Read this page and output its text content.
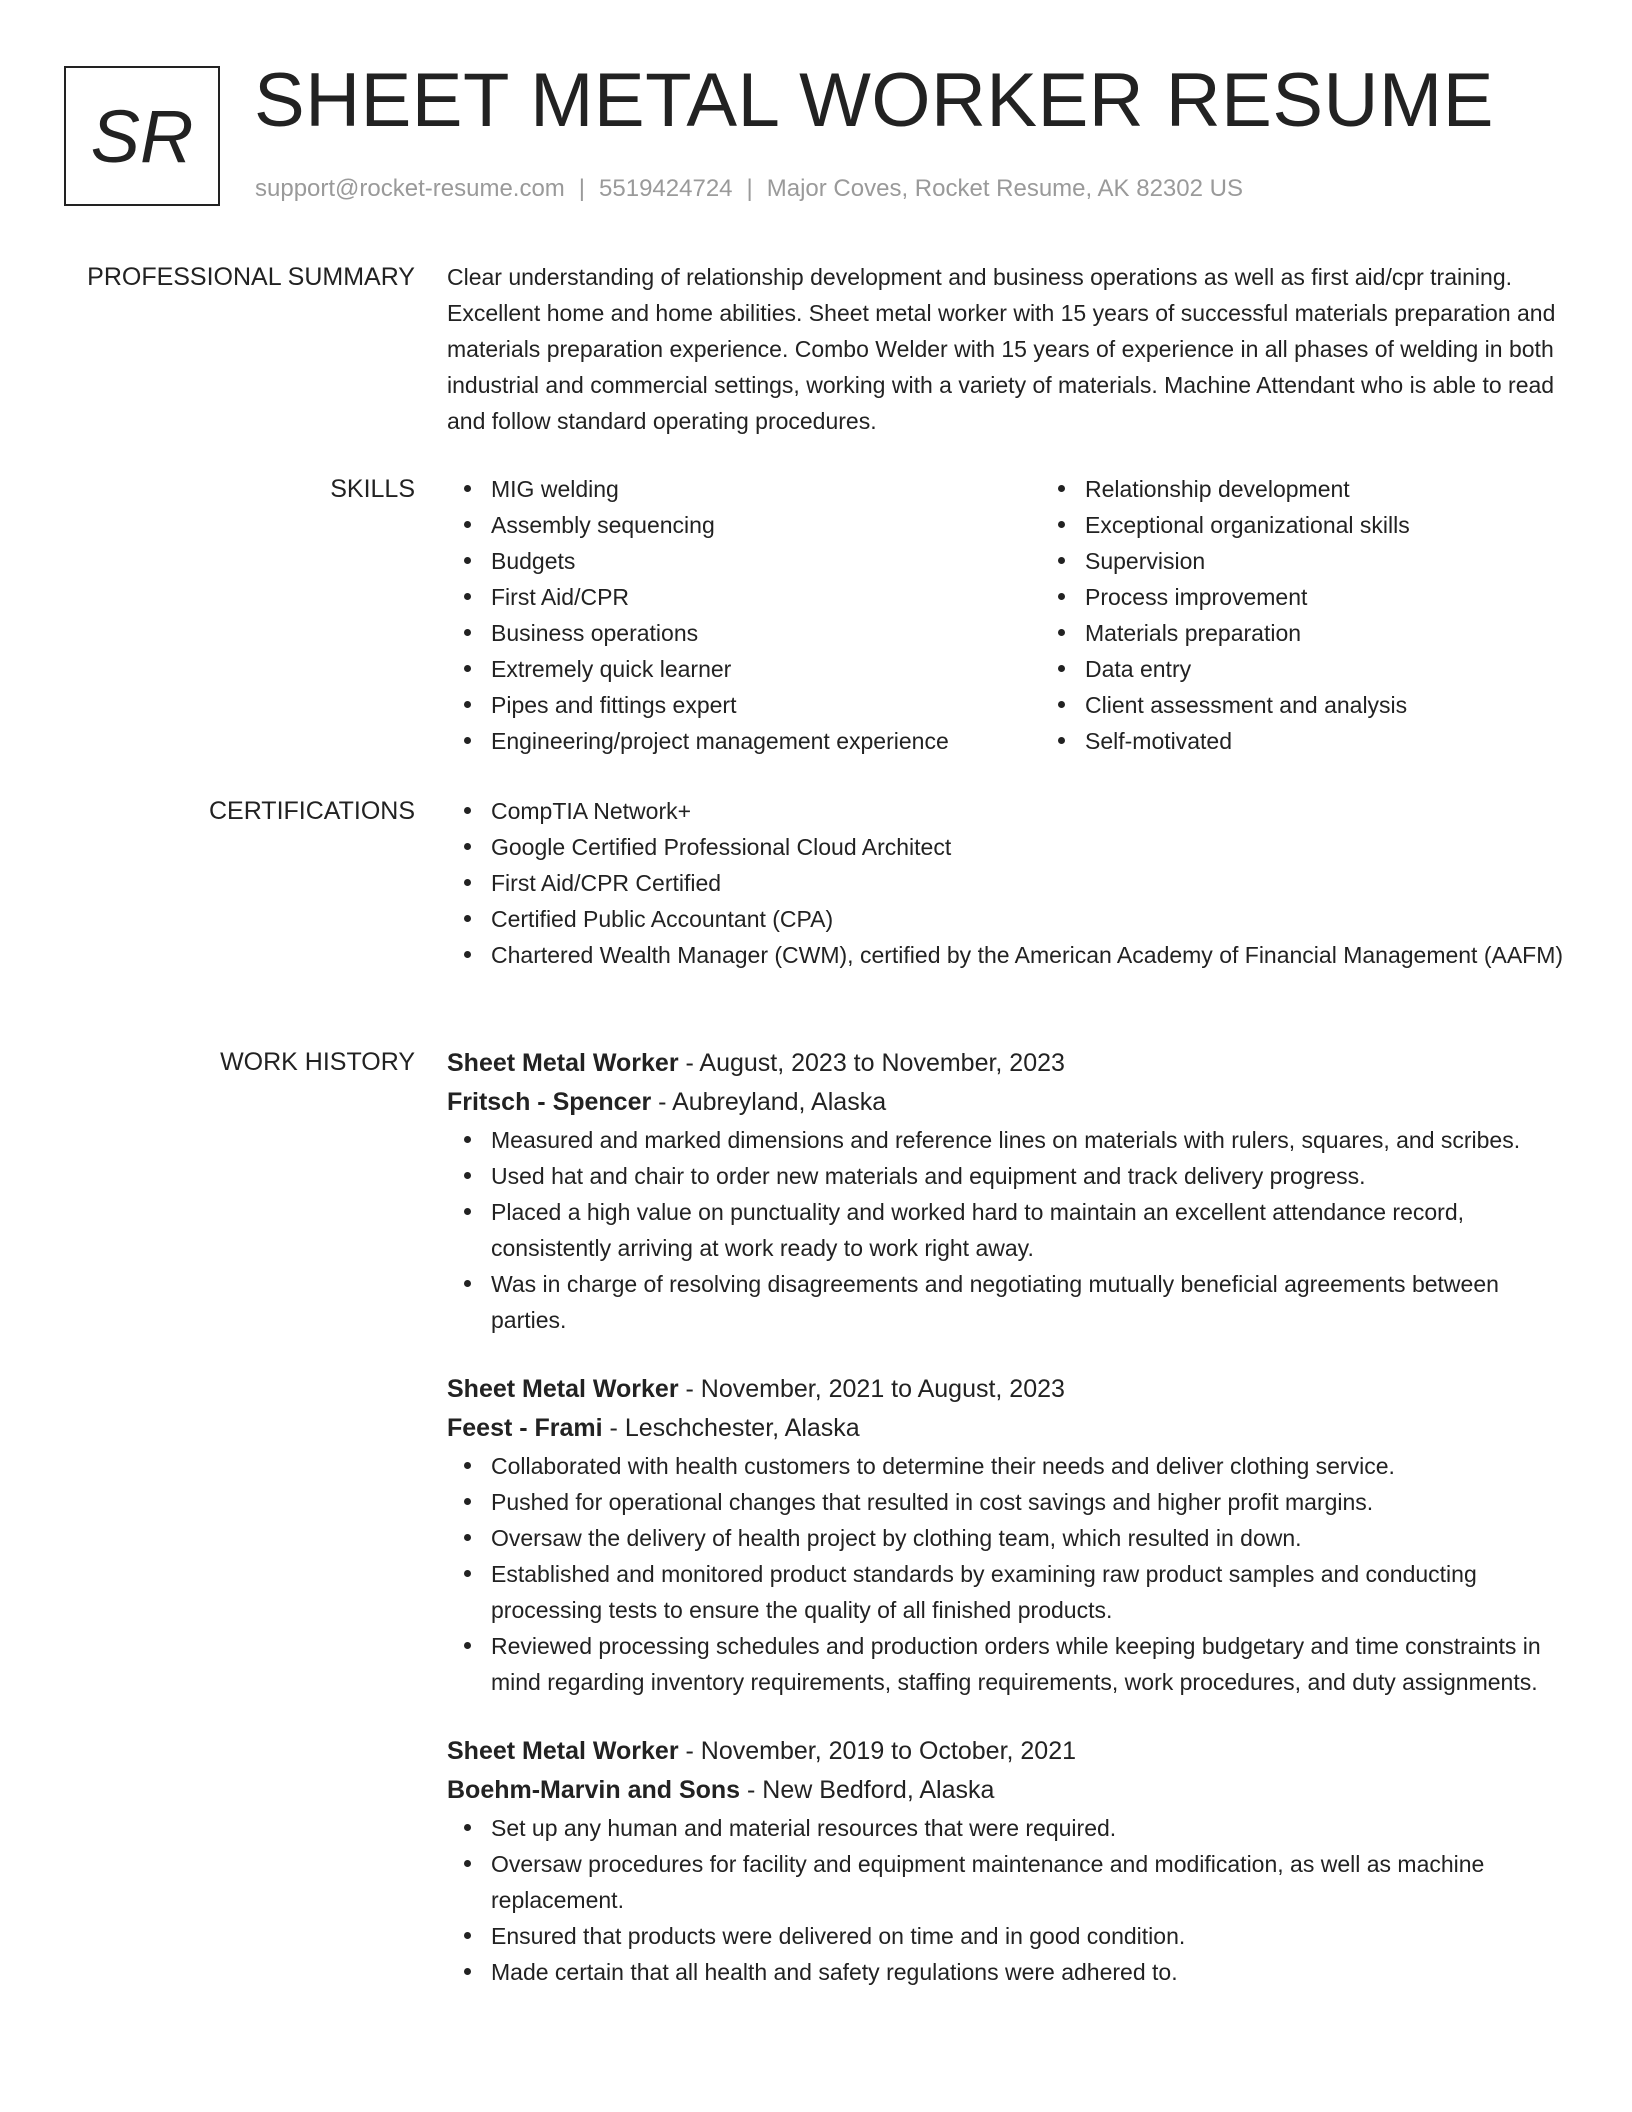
SR SHEET METAL WORKER RESUME
support@rocket-resume.com | 5519424724 | Major Coves, Rocket Resume, AK 82302 US
PROFESSIONAL SUMMARY Clear understanding of relationship development and business operations as well as first aid/cpr training. Excellent home and home abilities. Sheet metal worker with 15 years of successful materials preparation and materials preparation experience. Combo Welder with 15 years of experience in all phases of welding in both industrial and commercial settings, working with a variety of materials. Machine Attendant who is able to read and follow standard operating procedures.

SKILLS	MIG welding
Assembly sequencing
Budgets
First Aid/CPR
Business operations
Extremely quick learner
Pipes and fittings expert
Engineering/project management experience
Relationship development
Exceptional organizational skills
Supervision
Process improvement
Materials preparation
Data entry
Client assessment and analysis
Self-motivated
CERTIFICATIONS	CompTIA Network+
Google Certified Professional Cloud Architect
First Aid/CPR Certified
Certified Public Accountant (CPA)
Chartered Wealth Manager (CWM), certified by the American Academy of Financial Management (AAFM)
WORK HISTORY Sheet Metal Worker - August, 2023 to November, 2023
Fritsch - Spencer - Aubreyland, Alaska
Measured and marked dimensions and reference lines on materials with rulers, squares, and scribes.
Used hat and chair to order new materials and equipment and track delivery progress.
Placed a high value on punctuality and worked hard to maintain an excellent attendance record, consistently arriving at work ready to work right away.
Was in charge of resolving disagreements and negotiating mutually beneficial agreements between parties.
Sheet Metal Worker - November, 2021 to August, 2023
Feest - Frami - Leschchester, Alaska
Collaborated with health customers to determine their needs and deliver clothing service.
Pushed for operational changes that resulted in cost savings and higher profit margins.
Oversaw the delivery of health project by clothing team, which resulted in down.
Established and monitored product standards by examining raw product samples and conducting processing tests to ensure the quality of all finished products.
Reviewed processing schedules and production orders while keeping budgetary and time constraints in mind regarding inventory requirements, staffing requirements, work procedures, and duty assignments.
Sheet Metal Worker - November, 2019 to October, 2021
Boehm-Marvin and Sons - New Bedford, Alaska
Set up any human and material resources that were required.
Oversaw procedures for facility and equipment maintenance and modification, as well as machine replacement.
Ensured that products were delivered on time and in good condition.
Made certain that all health and safety regulations were adhered to.
